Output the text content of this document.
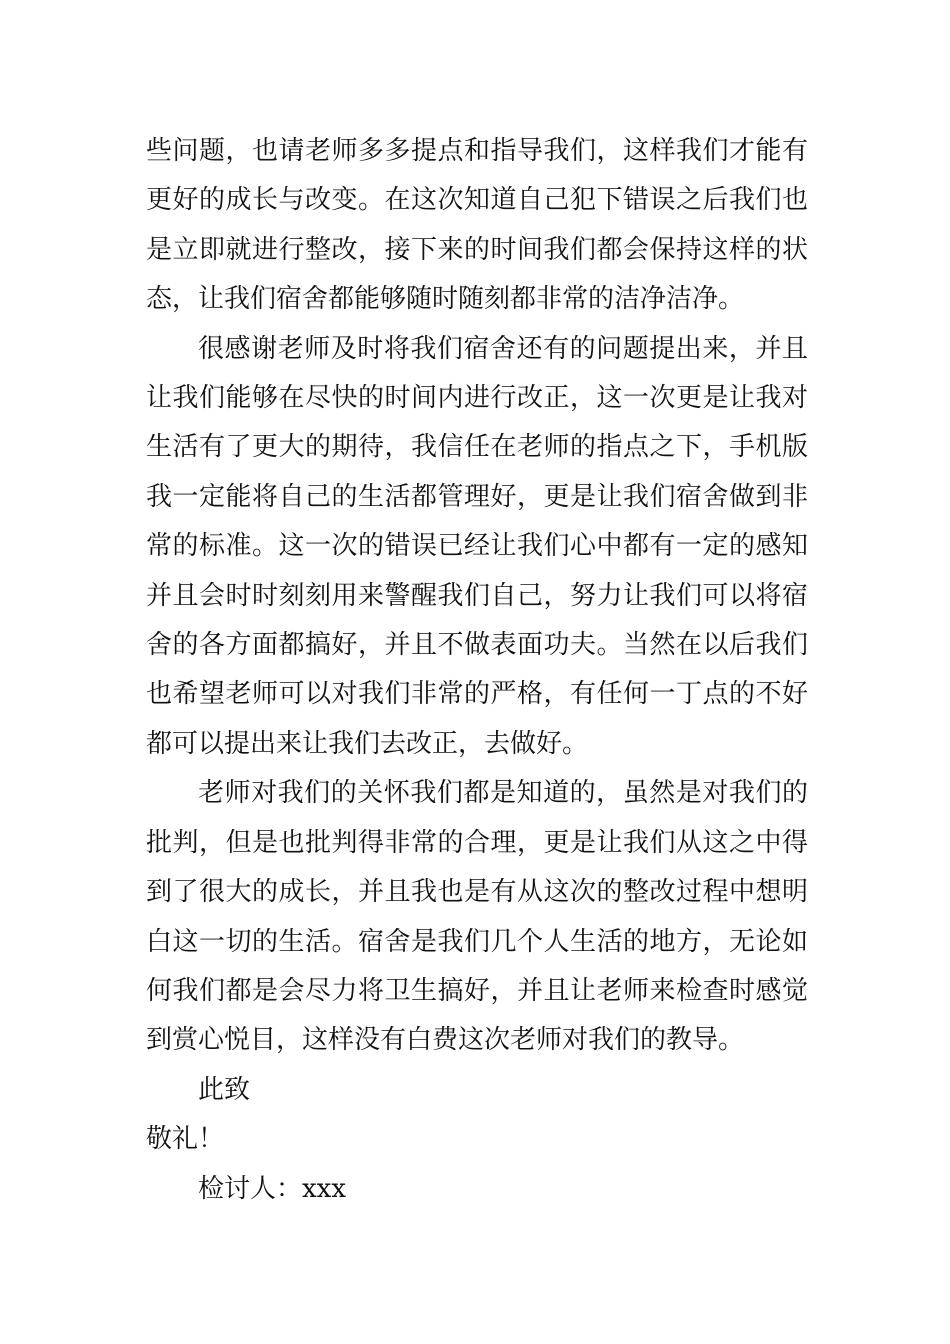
些问题，也请老师多多提点和指导我们，这样我们才能有更好的成长与改变。在这次知道自己犯下错误之后我们也是立即就进行整改，接下来的时间我们都会保持这样的状态，让我们宿舍都能够随时随刻都非常的洁净洁净。

很感谢老师及时将我们宿舍还有的问题提出来，并且让我们能够在尽快的时间内进行改正，这一次更是让我对生活有了更大的期待，我信任在老师的指点之下，手机版我一定能将自己的生活都管理好，更是让我们宿舍做到非常的标准。这一次的错误已经让我们心中都有一定的感知并且会时时刻刻用来警醒我们自己，努力让我们可以将宿舍的各方面都搞好，并且不做表面功夫。当然在以后我们也希望老师可以对我们非常的严格，有任何一丁点的不好都可以提出来让我们去改正，去做好。

老师对我们的关怀我们都是知道的，虽然是对我们的批判，但是也批判得非常的合理，更是让我们从这之中得到了很大的成长，并且我也是有从这次的整改过程中想明白这一切的生活。宿舍是我们几个人生活的地方，无论如何我们都是会尽力将卫生搞好，并且让老师来检查时感觉到赏心悦目，这样没有白费这次老师对我们的教导。

此致

敬礼！

检讨人：xxx
